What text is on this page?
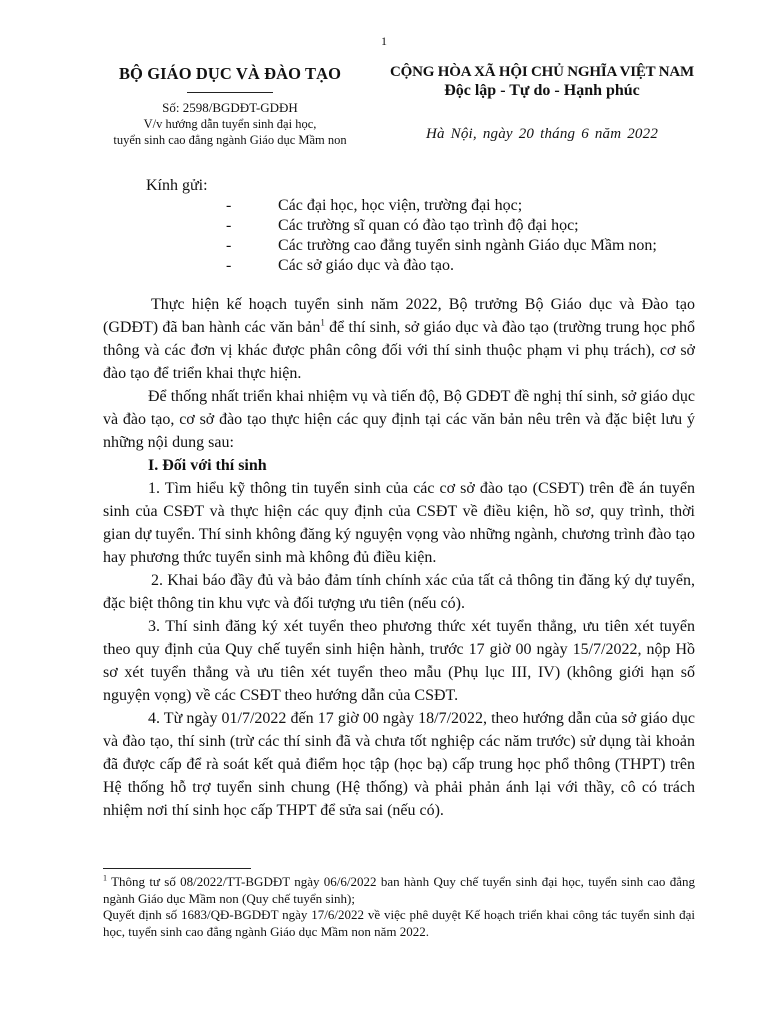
1
BỘ GIÁO DỤC VÀ ĐÀO TẠO
Số: 2598/BGDĐT-GDĐH
V/v hướng dẫn tuyển sinh đại học,
tuyển sinh cao đẳng ngành Giáo dục Mầm non
CỘNG HÒA XÃ HỘI CHỦ NGHĨA VIỆT NAM
Độc lập - Tự do - Hạnh phúc
Hà Nội, ngày 20 tháng 6 năm 2022
Kính gửi:
-	Các đại học, học viện, trường đại học;
-	Các trường sĩ quan có đào tạo trình độ đại học;
-	Các trường cao đẳng tuyển sinh ngành Giáo dục Mầm non;
-	Các sở giáo dục và đào tạo.

Thực hiện kế hoạch tuyển sinh năm 2022, Bộ trưởng Bộ Giáo dục và Đào tạo (GDĐT) đã ban hành các văn bản$^1$ để thí sinh, sở giáo dục và đào tạo (trường trung học phổ thông và các đơn vị khác được phân công đối với thí sinh thuộc phạm vi phụ trách), cơ sở đào tạo để triển khai thực hiện.

Để thống nhất triển khai nhiệm vụ và tiến độ, Bộ GDĐT đề nghị thí sinh, sở giáo dục và đào tạo, cơ sở đào tạo thực hiện các quy định tại các văn bản nêu trên và đặc biệt lưu ý những nội dung sau:

I. Đối với thí sinh

1. Tìm hiểu kỹ thông tin tuyển sinh của các cơ sở đào tạo (CSĐT) trên đề án tuyển sinh của CSĐT và thực hiện các quy định của CSĐT về điều kiện, hồ sơ, quy trình, thời gian dự tuyển. Thí sinh không đăng ký nguyện vọng vào những ngành, chương trình đào tạo hay phương thức tuyển sinh mà không đủ điều kiện.

2. Khai báo đầy đủ và bảo đảm tính chính xác của tất cả thông tin đăng ký dự tuyển, đặc biệt thông tin khu vực và đối tượng ưu tiên (nếu có).

3. Thí sinh đăng ký xét tuyển theo phương thức xét tuyển thẳng, ưu tiên xét tuyển theo quy định của Quy chế tuyển sinh hiện hành, trước 17 giờ 00 ngày 15/7/2022, nộp Hồ sơ xét tuyển thẳng và ưu tiên xét tuyển theo mẫu (Phụ lục III, IV) (không giới hạn số nguyện vọng) về các CSĐT theo hướng dẫn của CSĐT.

4. Từ ngày 01/7/2022 đến 17 giờ 00 ngày 18/7/2022, theo hướng dẫn của sở giáo dục và đào tạo, thí sinh (trừ các thí sinh đã và chưa tốt nghiệp các năm trước) sử dụng tài khoản đã được cấp để rà soát kết quả điểm học tập (học bạ) cấp trung học phổ thông (THPT) trên Hệ thống hỗ trợ tuyển sinh chung (Hệ thống) và phải phản ánh lại với thầy, cô có trách nhiệm nơi thí sinh học cấp THPT để sửa sai (nếu có).

$^1$ Thông tư số 08/2022/TT-BGDĐT ngày 06/6/2022 ban hành Quy chế tuyển sinh đại học, tuyển sinh cao đẳng ngành Giáo dục Mầm non (Quy chế tuyển sinh);

Quyết định số 1683/QĐ-BGDĐT ngày 17/6/2022 về việc phê duyệt Kế hoạch triển khai công tác tuyển sinh đại học, tuyển sinh cao đẳng ngành Giáo dục Mầm non năm 2022.
